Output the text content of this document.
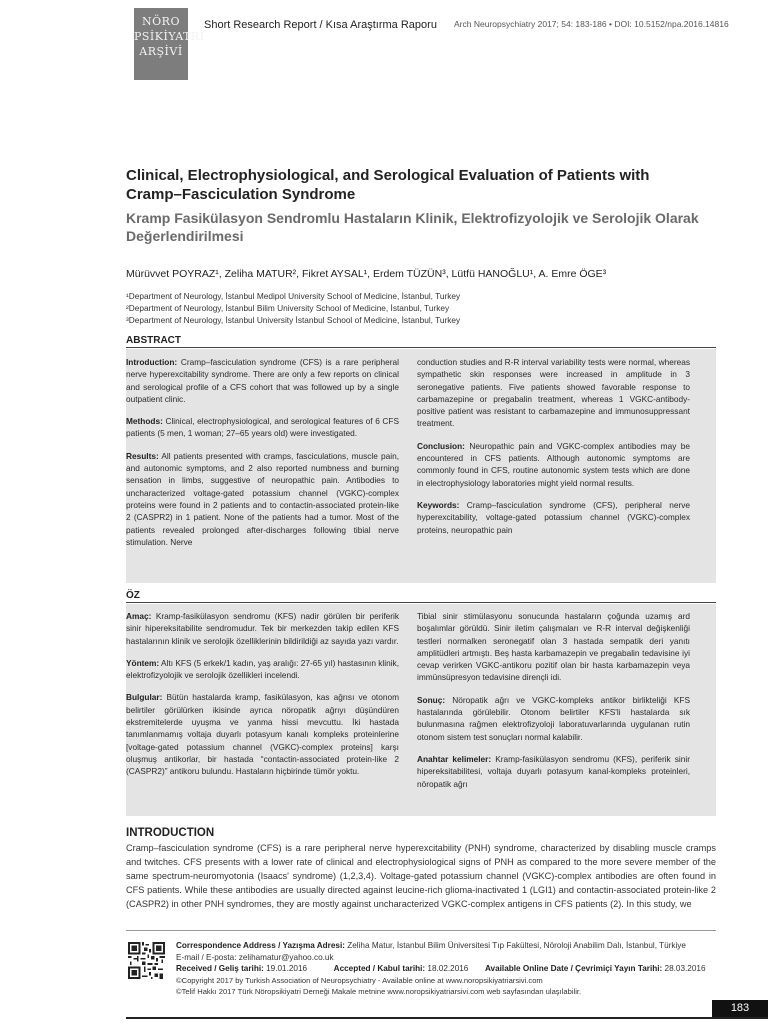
NÖRO
PSİKİYATRİ
ARŞİVİ
Short Research Report / Kısa Araştırma Raporu Arch Neuropsychiatry 2017; 54: 183-186 • DOI: 10.5152/npa.2016.14816
Clinical, Electrophysiological, and Serological Evaluation of Patients with Cramp–Fasciculation Syndrome
Kramp Fasikülasyon Sendromlu Hastaların Klinik, Elektrofizyolojik ve Serolojik Olarak Değerlendirilmesi
Mürüvvet POYRAZ¹, Zeliha MATUR², Fikret AYSAL¹, Erdem TÜZÜN³, Lütfü HANOĞLU¹, A. Emre ÖGE³
¹Department of Neurology, İstanbul Medipol University School of Medicine, İstanbul, Turkey
²Department of Neurology, İstanbul Bilim University School of Medicine, İstanbul, Turkey
³Department of Neurology, İstanbul University İstanbul School of Medicine, İstanbul, Turkey
ABSTRACT

Introduction: Cramp–fasciculation syndrome (CFS) is a rare peripheral nerve hyperexcitability syndrome. There are only a few reports on clinical and serological profile of a CFS cohort that was followed up by a single outpatient clinic.

Methods: Clinical, electrophysiological, and serological features of 6 CFS patients (5 men, 1 woman; 27–65 years old) were investigated.

Results: All patients presented with cramps, fasciculations, muscle pain, and autonomic symptoms, and 2 also reported numbness and burning sensation in limbs, suggestive of neuropathic pain. Antibodies to uncharacterized voltage-gated potassium channel (VGKC)-complex proteins were found in 2 patients and to contactin-associated protein-like 2 (CASPR2) in 1 patient. None of the patients had a tumor. Most of the patients revealed prolonged after-discharges following tibial nerve stimulation. Nerve

conduction studies and R-R interval variability tests were normal, whereas sympathetic skin responses were increased in amplitude in 3 seronegative patients. Five patients showed favorable response to carbamazepine or pregabalin treatment, whereas 1 VGKC-antibody-positive patient was resistant to carbamazepine and immunosuppressant treatment.

Conclusion: Neuropathic pain and VGKC-complex antibodies may be encountered in CFS patients. Although autonomic symptoms are commonly found in CFS, routine autonomic system tests which are done in electrophysiology laboratories might yield normal results.

Keywords: Cramp–fasciculation syndrome (CFS), peripheral nerve hyperexcitability, voltage-gated potassium channel (VGKC)-complex proteins, neuropathic pain

ÖZ

Amaç: Kramp-fasikülasyon sendromu (KFS) nadir görülen bir periferik sinir hipereksitabilite sendromudur. Tek bir merkezden takip edilen KFS hastalarının klinik ve serolojik özelliklerinin bildirildiği az sayıda yazı vardır.

Yöntem: Altı KFS (5 erkek/1 kadın, yaş aralığı: 27-65 yıl) hastasının klinik, elektrofizyolojik ve serolojik özellikleri incelendi.

Bulgular: Bütün hastalarda kramp, fasikülasyon, kas ağrısı ve otonom belirtiler görülürken ikisinde ayrıca nöropatik ağrıyı düşündüren ekstremitelerde uyuşma ve yanma hissi mevcuttu. İki hastada tanımlanmamış voltaja duyarlı potasyum kanalı kompleks proteinlerine [voltage-gated potassium channel (VGKC)-complex proteins] karşı oluşmuş antikorlar, bir hastada “contactin-associated protein-like 2 (CASPR2)” antikoru bulundu. Hastaların hiçbirinde tümör yoktu.

Tibial sinir stimülasyonu sonucunda hastaların çoğunda uzamış ard boşalımlar görüldü. Sinir iletim çalışmaları ve R-R interval değişkenliği testleri normalken seronegatif olan 3 hastada sempatik deri yanıtı amplitüdleri artmıştı. Beş hasta karbamazepin ve pregabalin tedavisine iyi cevap verirken VGKC-antikoru pozitif olan bir hasta karbamazepin veya immünsüpresyon tedavisine dirençli idi.

Sonuç: Nöropatik ağrı ve VGKC-kompleks antikor birlikteliği KFS hastalarında görülebilir. Otonom belirtiler KFS'li hastalarda sık bulunmasına rağmen elektrofizyoloji laboratuvarlarında uygulanan rutin otonom sistem test sonuçları normal kalabilir.

Anahtar kelimeler: Kramp-fasikülasyon sendromu (KFS), periferik sinir hipereksitabilitesi, voltaja duyarlı potasyum kanal-kompleks proteinleri, nöropatik ağrı

INTRODUCTION
Cramp–fasciculation syndrome (CFS) is a rare peripheral nerve hyperexcitability (PNH) syndrome, characterized by disabling muscle cramps and twitches. CFS presents with a lower rate of clinical and electrophysiological signs of PNH as compared to the more severe member of the same spectrum-neuromyotonia (Isaacs' syndrome) (1,2,3,4). Voltage-gated potassium channel (VGKC)-complex antibodies are often found in CFS patients. While these antibodies are usually directed against leucine-rich glioma-inactivated 1 (LGI1) and contactin-associated protein-like 2 (CASPR2) in other PNH syndromes, they are mostly against uncharacterized VGKC-complex antigens in CFS patients (2). In this study, we
Correspondence Address / Yazışma Adresi: Zeliha Matur, İstanbul Bilim Üniversitesi Tıp Fakültesi, Nöroloji Anabilim Dalı, İstanbul, Türkiye
E-mail / E-posta: zelihamatur@yahoo.co.uk
Received / Geliş tarihi: 19.01.2016	Accepted / Kabul tarihi: 18.02.2016 Available Online Date / Çevrimiçi Yayın Tarihi: 28.03.2016
©Copyright 2017 by Turkish Association of Neuropsychiatry - Available online at www.noropsikiyatriarsivi.com
©Telif Hakkı 2017 Türk Nöropsikiyatri Derneği Makale metnine www.noropsikiyatriarsivi.com web sayfasından ulaşılabilir.
183
